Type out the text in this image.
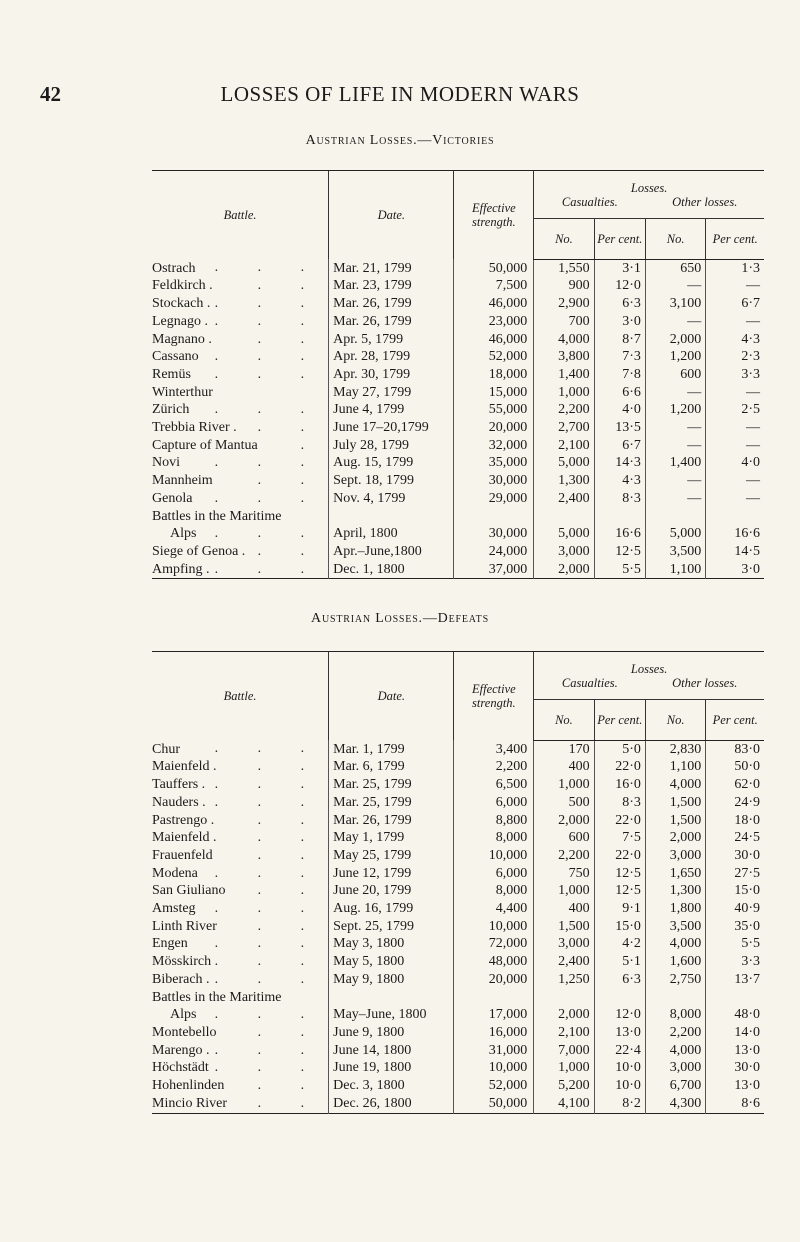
42	LOSSES OF LIFE IN MODERN WARS
Austrian Losses.—Victories
Battle.	Date.	Effective strength.	Losses.			
			Casualties.		Other losses.	
			No.	Per cent.	No.	Per cent.
Ostrach . . .	Mar. 21, 1799	50,000	1,550	3·1	650	1·3
Feldkirch . . .	Mar. 23, 1799	7,500	900	12·0	—	—
Stockach . . . .	Mar. 26, 1799	46,000	2,900	6·3	3,100	6·7
Legnago . . . .	Mar. 26, 1799	23,000	700	3·0	—	—
Magnano . . .	Apr. 5, 1799	46,000	4,000	8·7	2,000	4·3
Cassano . . .	Apr. 28, 1799	52,000	3,800	7·3	1,200	2·3
Remüs . . .	Apr. 30, 1799	18,000	1,400	7·8	600	3·3
Winterthur	May 27, 1799	15,000	1,000	6·6	—	—
Zürich . . .	June 4, 1799	55,000	2,200	4·0	1,200	2·5
Trebbia River . . .	June 17–20,1799	20,000	2,700	13·5	—	—
Capture of Mantua .	July 28, 1799	32,000	2,100	6·7	—	—
Novi . . .	Aug. 15, 1799	35,000	5,000	14·3	1,400	4·0
Mannheim . .	Sept. 18, 1799	30,000	1,300	4·3	—	—
Genola . . .	Nov. 4, 1799	29,000	2,400	8·3	—	—
Battles in the Maritime						
Alps . . .	April, 1800	30,000	5,000	16·6	5,000	16·6
Siege of Genoa . . .	Apr.–June,1800	24,000	3,000	12·5	3,500	14·5
Ampfing . . . .	Dec. 1, 1800	37,000	2,000	5·5	1,100	3·0

Austrian Losses.—Defeats
Battle.	Date.	Effective strength.	Losses.			
			Casualties.		Other losses.	
			No.	Per cent.	No.	Per cent.
Chur . . .	Mar. 1, 1799	3,400	170	5·0	2,830	83·0
Maienfeld . . .	Mar. 6, 1799	2,200	400	22·0	1,100	50·0
Tauffers . . . .	Mar. 25, 1799	6,500	1,000	16·0	4,000	62·0
Nauders . . . .	Mar. 25, 1799	6,000	500	8·3	1,500	24·9
Pastrengo . . .	Mar. 26, 1799	8,800	2,000	22·0	1,500	18·0
Maienfeld . . .	May 1, 1799	8,000	600	7·5	2,000	24·5
Frauenfeld . .	May 25, 1799	10,000	2,200	22·0	3,000	30·0
Modena . . .	June 12, 1799	6,000	750	12·5	1,650	27·5
San Giuliano . .	June 20, 1799	8,000	1,000	12·5	1,300	15·0
Amsteg . . .	Aug. 16, 1799	4,400	400	9·1	1,800	40·9
Linth River . .	Sept. 25, 1799	10,000	1,500	15·0	3,500	35·0
Engen . . .	May 3, 1800	72,000	3,000	4·2	4,000	5·5
Mösskirch . . .	May 5, 1800	48,000	2,400	5·1	1,600	3·3
Biberach . . . .	May 9, 1800	20,000	1,250	6·3	2,750	13·7
Battles in the Maritime						
Alps . . .	May–June, 1800	17,000	2,000	12·0	8,000	48·0
Montebello . .	June 9, 1800	16,000	2,100	13·0	2,200	14·0
Marengo . . . .	June 14, 1800	31,000	7,000	22·4	4,000	13·0
Höchstädt . . .	June 19, 1800	10,000	1,000	10·0	3,000	30·0
Hohenlinden . .	Dec. 3, 1800	52,000	5,200	10·0	6,700	13·0
Mincio River . .	Dec. 26, 1800	50,000	4,100	8·2	4,300	8·6
